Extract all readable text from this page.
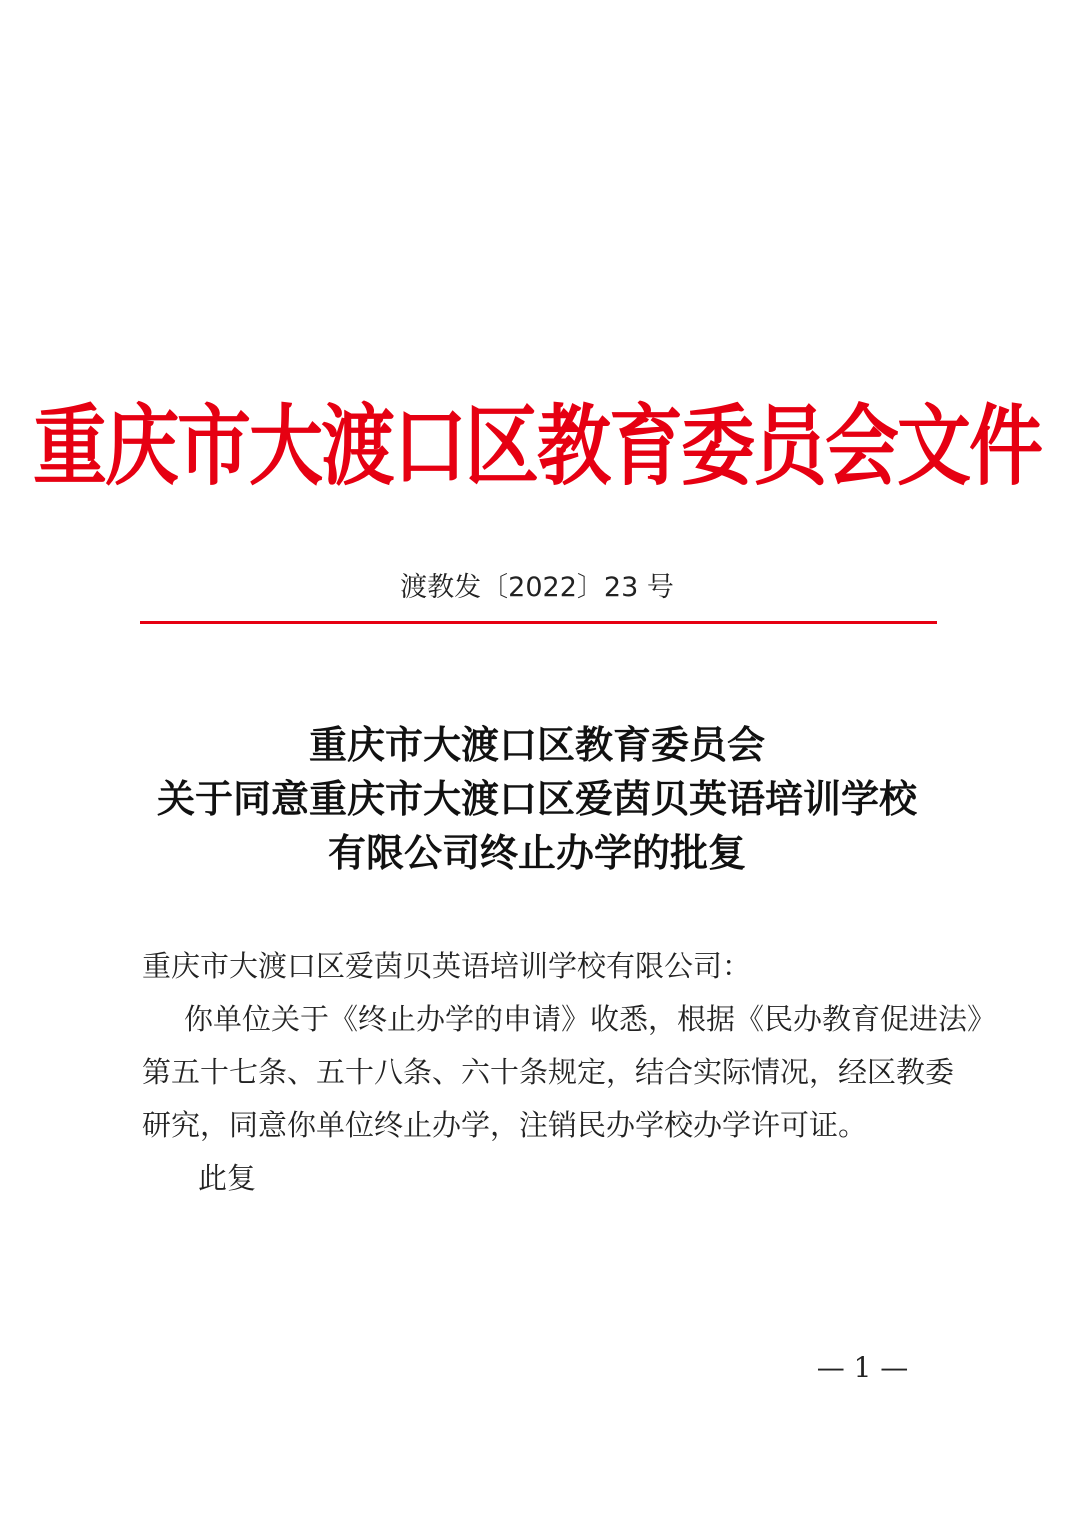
重庆市大渡口区教育委员会文件
渡教发〔2022〕23 号
重庆市大渡口区教育委员会
关于同意重庆市大渡口区爱茵贝英语培训学校
有限公司终止办学的批复

重庆市大渡口区爱茵贝英语培训学校有限公司：

你单位关于《终止办学的申请》收悉，根据《民办教育促进法》

第五十七条、五十八条、六十条规定，结合实际情况，经区教委

研究，同意你单位终止办学，注销民办学校办学许可证。

此复

— 1 —
